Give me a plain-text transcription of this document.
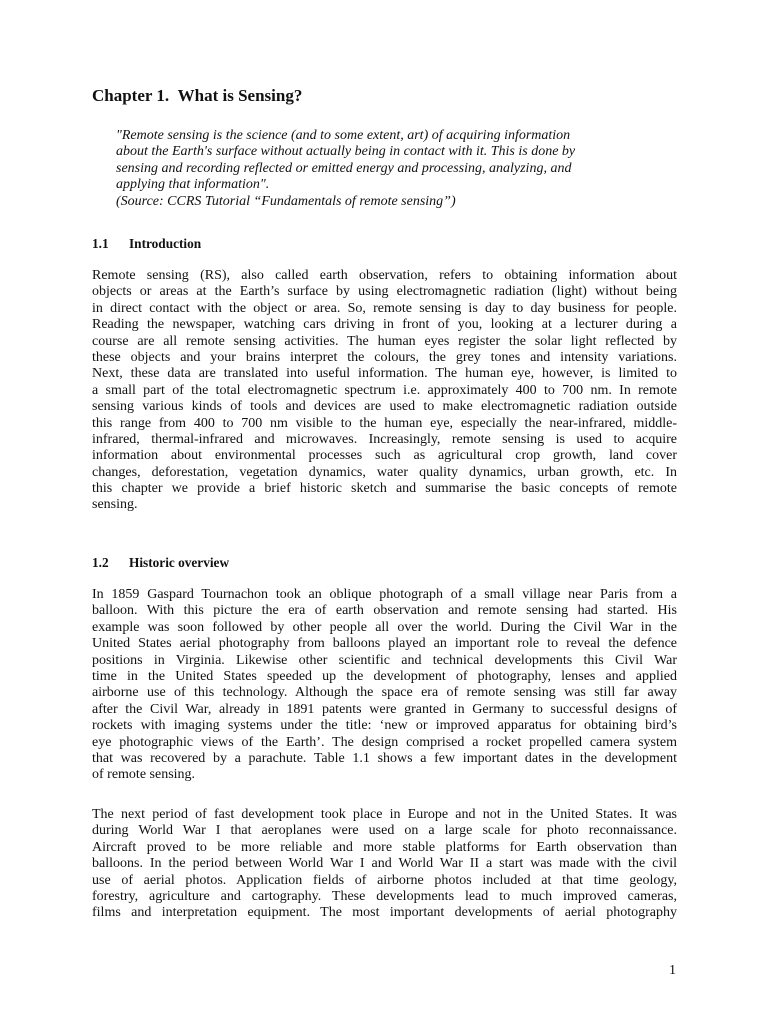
Chapter 1.  What is Sensing?
"Remote sensing is the science (and to some extent, art) of acquiring information
about the Earth's surface without actually being in contact with it. This is done by
sensing and recording reflected or emitted energy and processing, analyzing, and
applying that information".
(Source: CCRS Tutorial “Fundamentals of remote sensing”)
1.1 Introduction
Remote sensing (RS), also called earth observation, refers to obtaining information about
objects or areas at the Earth’s surface by using electromagnetic radiation (light) without being
in direct contact with the object or area. So, remote sensing is day to day business for people.
Reading the newspaper, watching cars driving in front of you, looking at a lecturer during a
course are all remote sensing activities. The human eyes register the solar light reflected by
these objects and your brains interpret the colours, the grey tones and intensity variations.
Next, these data are translated into useful information. The human eye, however, is limited to
a small part of the total electromagnetic spectrum i.e. approximately 400 to 700 nm. In remote
sensing various kinds of tools and devices are used to make electromagnetic radiation outside
this range from 400 to 700 nm visible to the human eye, especially the near-infrared, middle-
infrared, thermal-infrared and microwaves. Increasingly, remote sensing is used to acquire
information about environmental processes such as agricultural crop growth, land cover
changes, deforestation, vegetation dynamics, water quality dynamics, urban growth, etc. In
this chapter we provide a brief historic sketch and summarise the basic concepts of remote
sensing.
1.2 Historic overview
In 1859 Gaspard Tournachon took an oblique photograph of a small village near Paris from a
balloon. With this picture the era of earth observation and remote sensing had started. His
example was soon followed by other people all over the world. During the Civil War in the
United States aerial photography from balloons played an important role to reveal the defence
positions in Virginia. Likewise other scientific and technical developments this Civil War
time in the United States speeded up the development of photography, lenses and applied
airborne use of this technology. Although the space era of remote sensing was still far away
after the Civil War, already in 1891 patents were granted in Germany to successful designs of
rockets with imaging systems under the title: ‘new or improved apparatus for obtaining bird’s
eye photographic views of the Earth’. The design comprised a rocket propelled camera system
that was recovered by a parachute. Table 1.1 shows a few important dates in the development
of remote sensing.
The next period of fast development took place in Europe and not in the United States. It was
during World War I that aeroplanes were used on a large scale for photo reconnaissance.
Aircraft proved to be more reliable and more stable platforms for Earth observation than
balloons. In the period between World War I and World War II a start was made with the civil
use of aerial photos. Application fields of airborne photos included at that time geology,
forestry, agriculture and cartography. These developments lead to much improved cameras,
films and interpretation equipment. The most important developments of aerial photography
1
